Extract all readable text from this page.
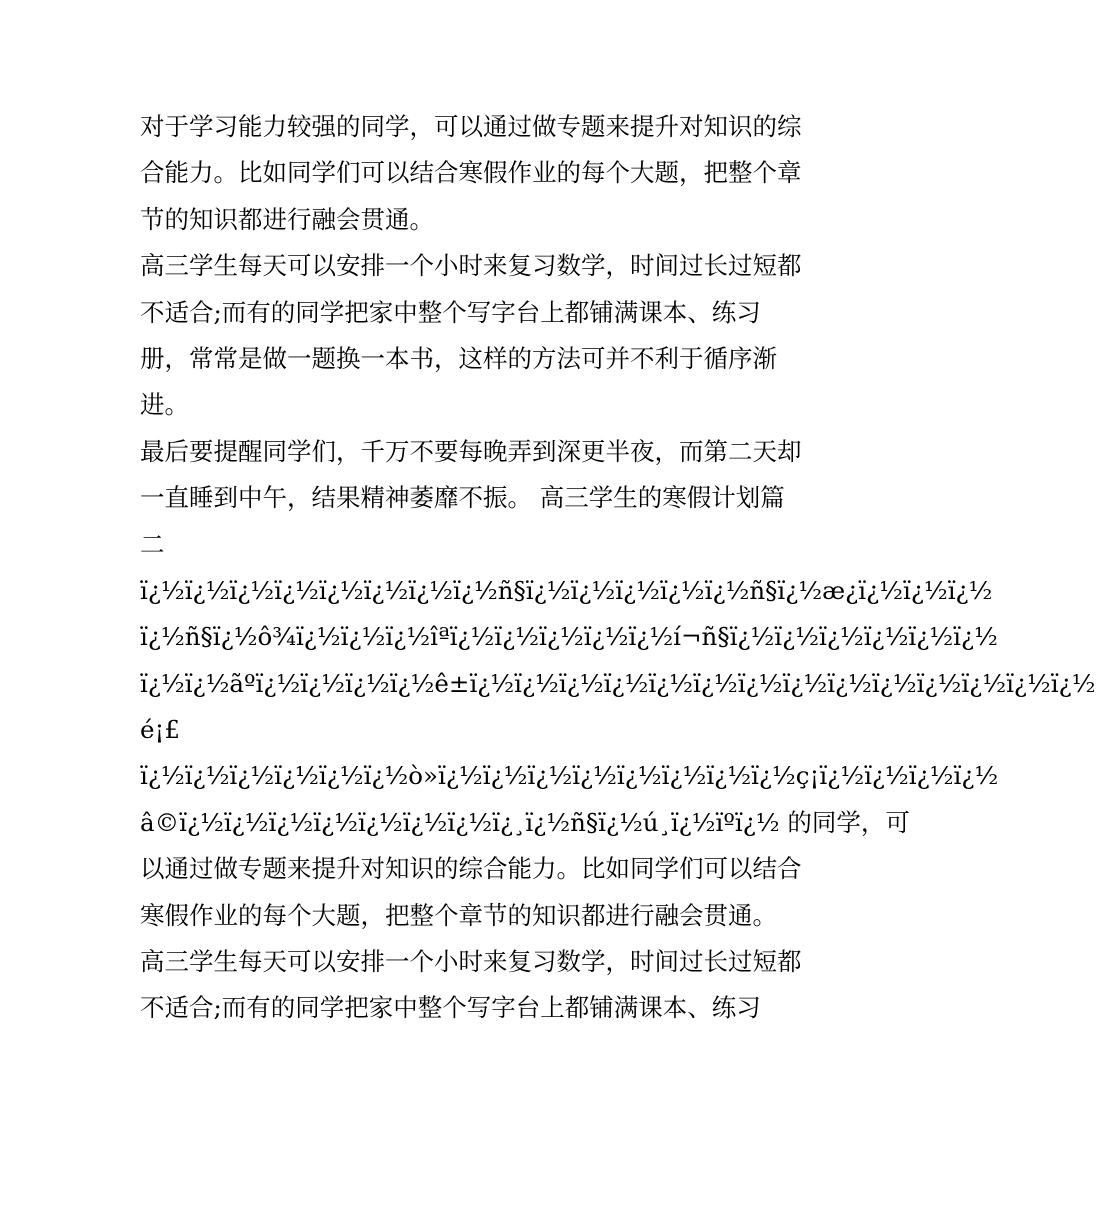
对于学习能力较强的同学，可以通过做专题来提升对知识的综
合能力。比如同学们可以结合寒假作业的每个大题，把整个章
节的知识都进行融会贯通。
高三学生每天可以安排一个小时来复习数学，时间过长过短都
不适合;而有的同学把家中整个写字台上都铺满课本、练习
册，常常是做一题换一本书，这样的方法可并不利于循序渐
进。
最后要提醒同学们，千万不要每晚弄到深更半夜，而第二天却
一直睡到中午，结果精神萎靡不振。 高三学生的寒假计划篇
二
ï¿½ï¿½ï¿½ï¿½ï¿½ï¿½ï¿½ï¿½ñ§ï¿½ï¿½ï¿½ï¿½ï¿½ñ§ï¿½æ¿ï¿½ï¿½ï¿½
ï¿½ñ§ï¿½ô¾ï¿½ï¿½ï¿½îªï¿½ï¿½ï¿½ï¿½ï¿½í¬ñ§ï¿½ï¿½ï¿½ï¿½ï¿½ï¿½
ï¿½ï¿½ãºï¿½ï¿½ï¿½ï¿½ê±ï¿½ï¿½ï¿½ï¿½ï¿½ï¿½ï¿½ï¿½ï¿½ï¿½ï¿½ï¿½ï¿½ï¿½
é¡£
ï¿½ï¿½ï¿½ï¿½ï¿½ï¿½ò»ï¿½ï¿½ï¿½ï¿½ï¿½ï¿½ï¿½ï¿½ç¡ï¿½ï¿½ï¿½ï¿½
â©ï¿½ï¿½ï¿½ï¿½ï¿½ï¿½ï¿½ï¿¸ï¿½ñ§ï¿½ú¸ï¿½ïºï¿½ 的同学，可
以通过做专题来提升对知识的综合能力。比如同学们可以结合
寒假作业的每个大题，把整个章节的知识都进行融会贯通。
高三学生每天可以安排一个小时来复习数学，时间过长过短都
不适合;而有的同学把家中整个写字台上都铺满课本、练习
